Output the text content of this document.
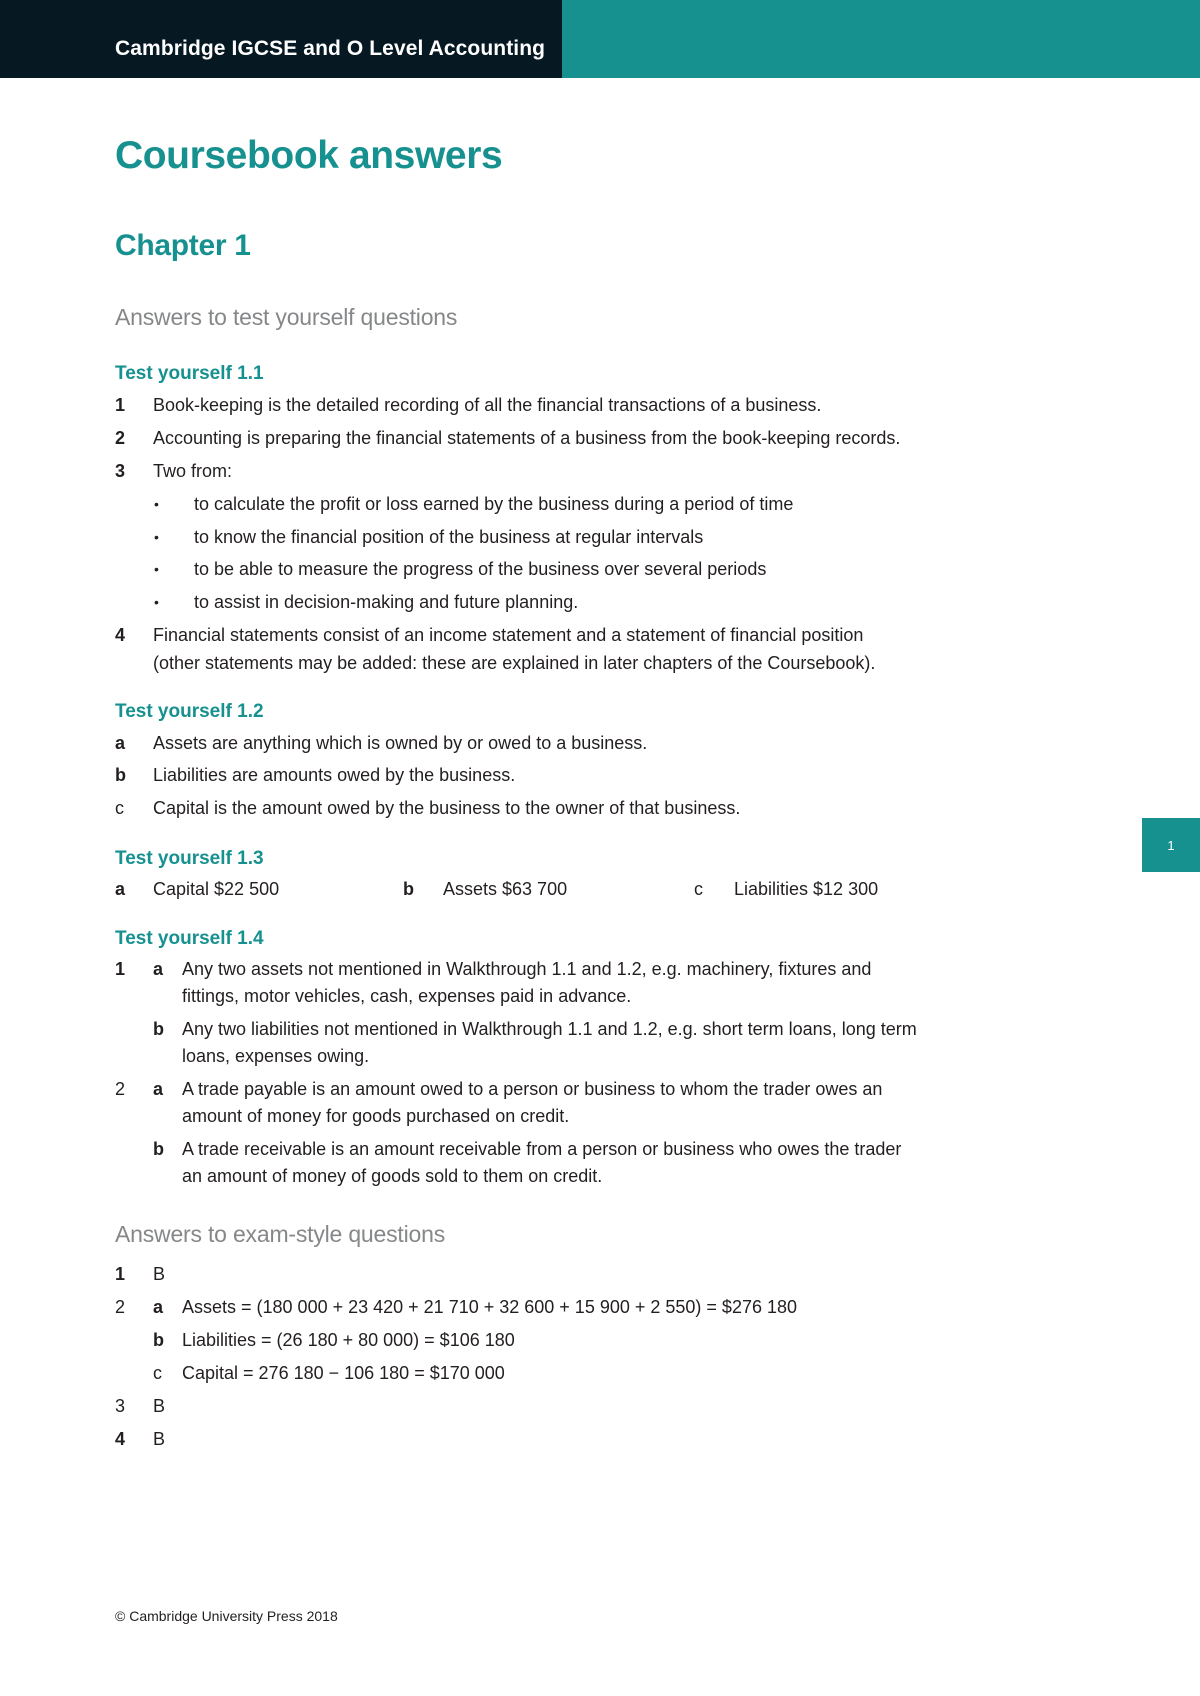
Cambridge IGCSE and O Level Accounting
1
Coursebook answers
Chapter 1
Answers to test yourself questions
Test yourself 1.1
1 Book-keeping is the detailed recording of all the financial transactions of a business.
2 Accounting is preparing the financial statements of a business from the book-keeping records.
3 Two from:
• to calculate the profit or loss earned by the business during a period of time
• to know the financial position of the business at regular intervals
• to be able to measure the progress of the business over several periods
• to assist in decision-making and future planning.
4 Financial statements consist of an income statement and a statement of financial position
(other statements may be added: these are explained in later chapters of the Coursebook).
Test yourself 1.2
a Assets are anything which is owned by or owed to a business.
b Liabilities are amounts owed by the business.
c Capital is the amount owed by the business to the owner of that business.
Test yourself 1.3
a Capital $22 500	b Assets $63 700	c Liabilities $12 300
Test yourself 1.4
1 a Any two assets not mentioned in Walkthrough 1.1 and 1.2, e.g. machinery, fixtures and
fittings, motor vehicles, cash, expenses paid in advance.
b Any two liabilities not mentioned in Walkthrough 1.1 and 1.2, e.g. short term loans, long term
loans, expenses owing.
2 a A trade payable is an amount owed to a person or business to whom the trader owes an
amount of money for goods purchased on credit.
b A trade receivable is an amount receivable from a person or business who owes the trader
an amount of money of goods sold to them on credit.
Answers to exam-style questions
1 B
2 a Assets = (180 000 + 23 420 + 21 710 + 32 600 + 15 900 + 2 550) = $276 180
b Liabilities = (26 180 + 80 000) = $106 180
c Capital = 276 180 − 106 180 = $170 000
3 B
4 B
© Cambridge University Press 2018
